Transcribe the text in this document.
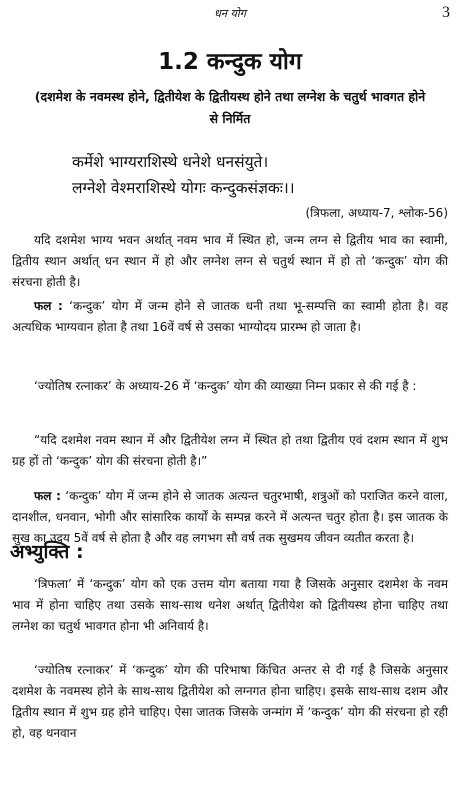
धन योग	3
1.2 कन्दुक योग
(दशमेश के नवमस्थ होने, द्वितीयेश के द्वितीयस्थ होने तथा लग्नेश के चतुर्थ भावगत होने से निर्मित
कर्मेशे भाग्यराशिस्थे धनेशे धनसंयुते।
लग्नेशे वेश्मराशिस्थे योगः कन्दुकसंज्ञकः।।
(त्रिफला, अध्याय-7, श्लोक-56)
यदि दशमेश भाग्य भवन अर्थात् नवम भाव में स्थित हो, जन्म लग्न से द्वितीय भाव का स्वामी, द्वितीय स्थान अर्थात् धन स्थान में हो और लग्नेश लग्न से चतुर्थ स्थान में हो तो ‘कन्दुक’ योग की संरचना होती है।
फल : ‘कन्दुक’ योग में जन्म होने से जातक धनी तथा भू-सम्पत्ति का स्वामी होता है। वह अत्यधिक भाग्यवान होता है तथा 16वें वर्ष से उसका भाग्योदय प्रारम्भ हो जाता है।
‘ज्योतिष रत्नाकर’ के अध्याय-26 में ‘कन्दुक’ योग की व्याख्या निम्न प्रकार से की गई है :
“यदि दशमेश नवम स्थान में और द्वितीयेश लग्न में स्थित हो तथा द्वितीय एवं दशम स्थान में शुभ ग्रह हों तो ‘कन्दुक’ योग की संरचना होती है।”
फल : ‘कन्दुक’ योग में जन्म होने से जातक अत्यन्त चतुरभाषी, शत्रुओं को पराजित करने वाला, दानशील, धनवान, भोगी और सांसारिक कार्यों के सम्पन्न करने में अत्यन्त चतुर होता है। इस जातक के सुख का उदय 5वें वर्ष से होता है और वह लगभग सौ वर्ष तक सुखमय जीवन व्यतीत करता है।
अभ्युक्ति :
‘त्रिफला’ में ‘कन्दुक’ योग को एक उत्तम योग बताया गया है जिसके अनुसार दशमेश के नवम भाव में होना चाहिए तथा उसके साथ-साथ धनेश अर्थात् द्वितीयेश को द्वितीयस्थ होना चाहिए तथा लग्नेश का चतुर्थ भावगत होना भी अनिवार्य है।
‘ज्योतिष रत्नाकर’ में ‘कन्दुक’ योग की परिभाषा किंचित अन्तर से दी गई है जिसके अनुसार दशमेश के नवमस्थ होने के साथ-साथ द्वितीयेश को लग्नगत होना चाहिए। इसके साथ-साथ दशम और द्वितीय स्थान में शुभ ग्रह होने चाहिए। ऐसा जातक जिसके जन्मांग में ‘कन्दुक’ योग की संरचना हो रही हो, वह धनवान
